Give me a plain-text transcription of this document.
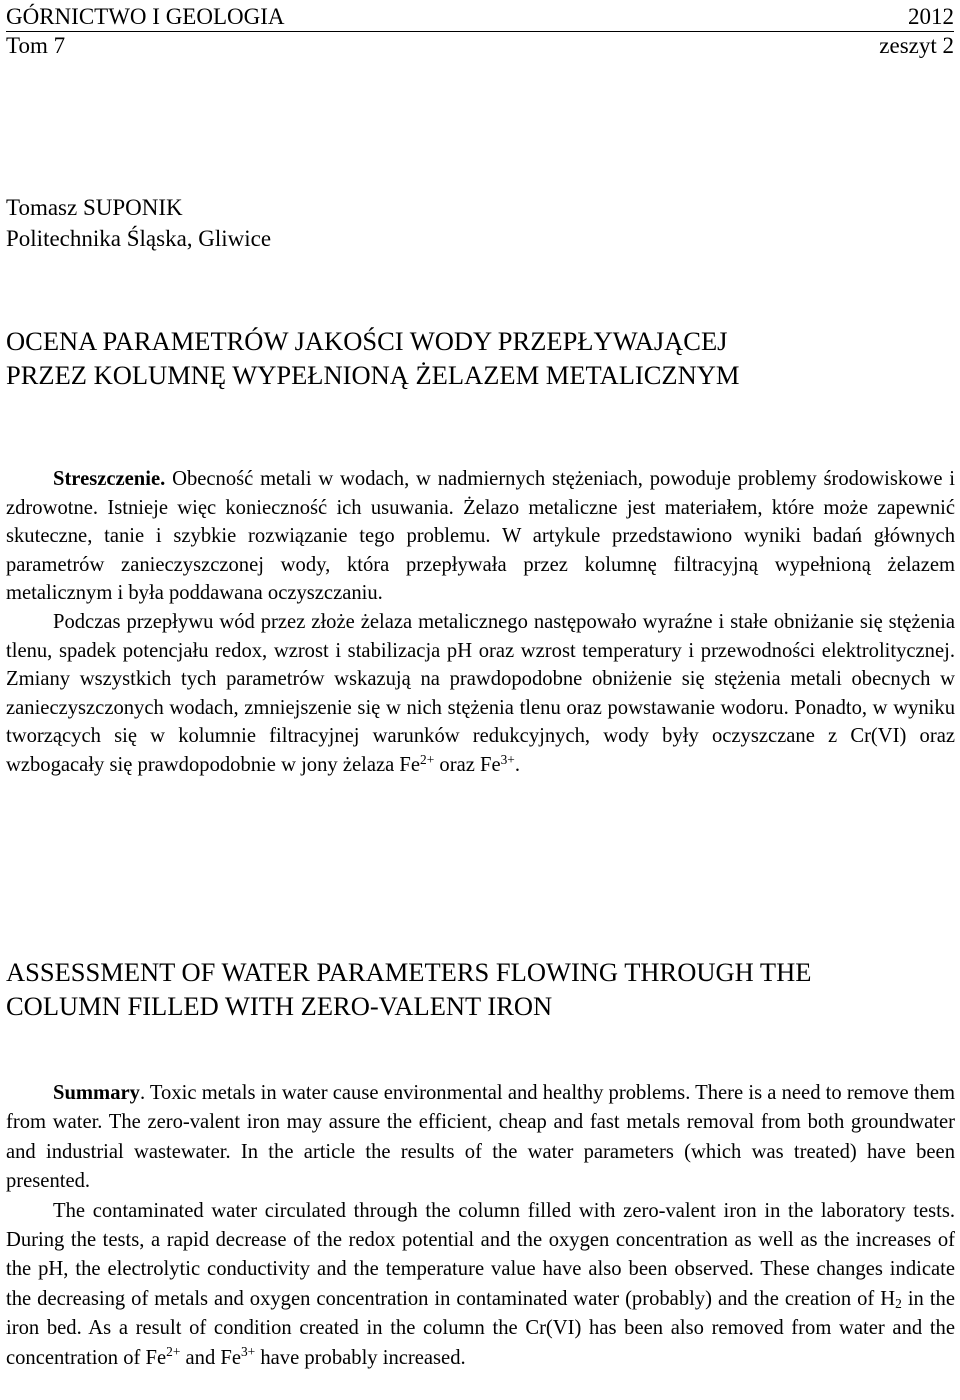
GÓRNICTWO I GEOLOGIA	2012
Tom 7	zeszyt 2
Tomasz SUPONIK
Politechnika Śląska, Gliwice
OCENA PARAMETRÓW JAKOŚCI WODY PRZEPŁYWAJĄCEJ
PRZEZ KOLUMNĘ WYPEŁNIONĄ ŻELAZEM METALICZNYM

Streszczenie. Obecność metali w wodach, w nadmiernych stężeniach, powoduje problemy środowiskowe i zdrowotne. Istnieje więc konieczność ich usuwania. Żelazo metaliczne jest materiałem, które może zapewnić skuteczne, tanie i szybkie rozwiązanie tego problemu. W artykule przedstawiono wyniki badań głównych parametrów zanieczyszczonej wody, która przepływała przez kolumnę filtracyjną wypełnioną żelazem metalicznym i była poddawana oczyszczaniu.

Podczas przepływu wód przez złoże żelaza metalicznego następowało wyraźne i stałe obniżanie się stężenia tlenu, spadek potencjału redox, wzrost i stabilizacja pH oraz wzrost temperatury i przewodności elektrolitycznej. Zmiany wszystkich tych parametrów wskazują na prawdopodobne obniżenie się stężenia metali obecnych w zanieczyszczonych wodach, zmniejszenie się w nich stężenia tlenu oraz powstawanie wodoru. Ponadto, w wyniku tworzących się w kolumnie filtracyjnej warunków redukcyjnych, wody były oczyszczane z Cr(VI) oraz wzbogacały się prawdopodobnie w jony żelaza $Fe^{2+}$ oraz $Fe^{3+}$.

ASSESSMENT OF WATER PARAMETERS FLOWING THROUGH THE
COLUMN FILLED WITH ZERO-VALENT IRON

Summary. Toxic metals in water cause environmental and healthy problems. There is a need to remove them from water. The zero-valent iron may assure the efficient, cheap and fast metals removal from both groundwater and industrial wastewater. In the article the results of the water parameters (which was treated) have been presented.

The contaminated water circulated through the column filled with zero-valent iron in the laboratory tests. During the tests, a rapid decrease of the redox potential and the oxygen concentration as well as the increases of the pH, the electrolytic conductivity and the temperature value have also been observed. These changes indicate the decreasing of metals and oxygen concentration in contaminated water (probably) and the creation of $H_2$ in the iron bed. As a result of condition created in the column the Cr(VI) has been also removed from water and the concentration of $Fe^{2+}$ and $Fe^{3+}$ have probably increased.
